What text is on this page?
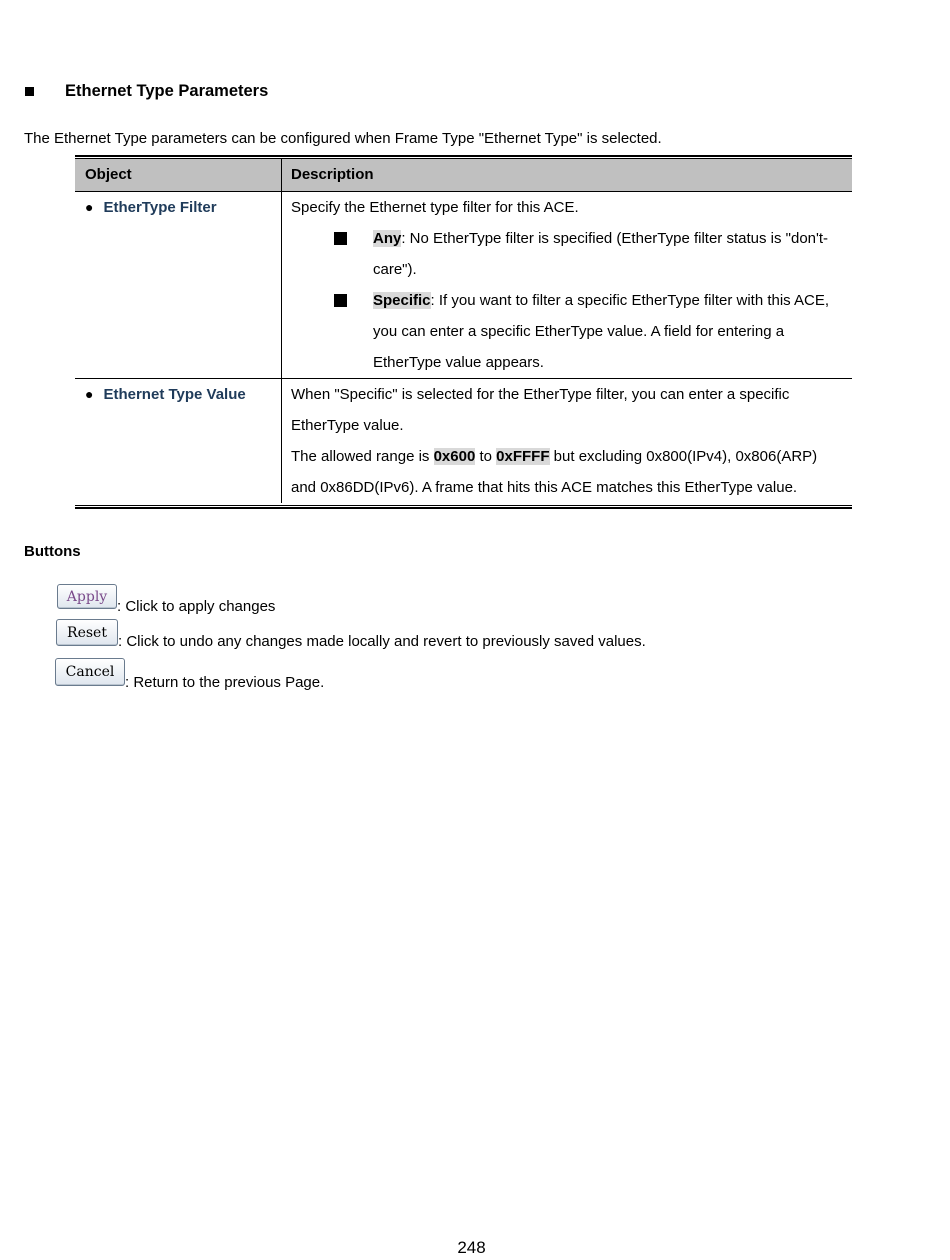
Ethernet Type Parameters
The Ethernet Type parameters can be configured when Frame Type "Ethernet Type" is selected.
Object	Description
● EtherType Filter	Specify the Ethernet type filter for this ACE.
Any: No EtherType filter is specified (EtherType filter status is "don't-care").
Specific: If you want to filter a specific EtherType filter with this ACE, you can enter a specific EtherType value. A field for entering a EtherType value appears.
● Ethernet Type Value	When "Specific" is selected for the EtherType filter, you can enter a specific EtherType value.
The allowed range is 0x600 to 0xFFFF but excluding 0x800(IPv4), 0x806(ARP) and 0x86DD(IPv6). A frame that hits this ACE matches this EtherType value.
Buttons
Apply
: Click to apply changes
Reset
: Click to undo any changes made locally and revert to previously saved values.
Cancel
: Return to the previous Page.
248
